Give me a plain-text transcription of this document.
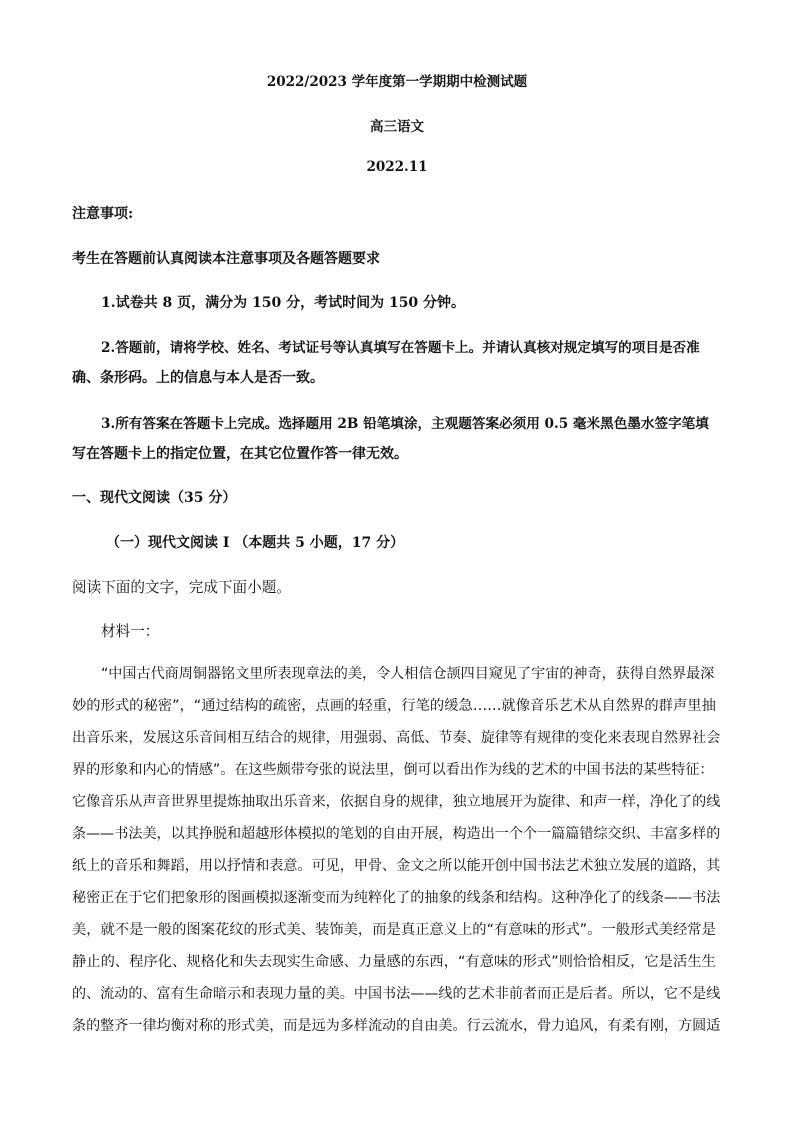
2022/2023 学年度第一学期期中检测试题
高三语文
2022.11
注意事项:
考生在答题前认真阅读本注意事项及各题答题要求
1.试卷共 8 页，满分为 150 分，考试时间为 150 分钟。
2.答题前，请将学校、姓名、考试证号等认真填写在答题卡上。并请认真核对规定填写的项目是否准
确、条形码。上的信息与本人是否一致。
3.所有答案在答题卡上完成。选择题用 2B 铅笔填涂，主观题答案必须用 0.5 毫米黑色墨水签字笔填
写在答题卡上的指定位置，在其它位置作答一律无效。
一、现代文阅读（35 分）
（一）现代文阅读 I （本题共 5 小题，17 分）
阅读下面的文字，完成下面小题。
材料一：
“中国古代商周铜器铭文里所表现章法的美，令人相信仓颉四目窥见了宇宙的神奇，获得自然界最深
妙的形式的秘密”，“通过结构的疏密，点画的轻重，行笔的缓急……就像音乐艺术从自然界的群声里抽
出音乐来，发展这乐音间相互结合的规律，用强弱、高低、节奏、旋律等有规律的变化来表现自然界社会
界的形象和内心的情感”。在这些颇带夸张的说法里，倒可以看出作为线的艺术的中国书法的某些特征：
它像音乐从声音世界里提炼抽取出乐音来，依据自身的规律，独立地展开为旋律、和声一样，净化了的线
条——书法美，以其挣脱和超越形体模拟的笔划的自由开展，构造出一个个一篇篇错综交织、丰富多样的
纸上的音乐和舞蹈，用以抒情和表意。可见，甲骨、金文之所以能开创中国书法艺术独立发展的道路，其
秘密正在于它们把象形的图画模拟逐渐变而为纯粹化了的抽象的线条和结构。这种净化了的线条——书法
美，就不是一般的图案花纹的形式美、装饰美，而是真正意义上的“有意味的形式”。一般形式美经常是
静止的、程序化、规格化和失去现实生命感、力量感的东西，“有意味的形式”则恰恰相反，它是活生生
的、流动的、富有生命暗示和表现力量的美。中国书法——线的艺术非前者而正是后者。所以，它不是线
条的整齐一律均衡对称的形式美，而是远为多样流动的自由美。行云流水，骨力追风，有柔有刚，方圆适
